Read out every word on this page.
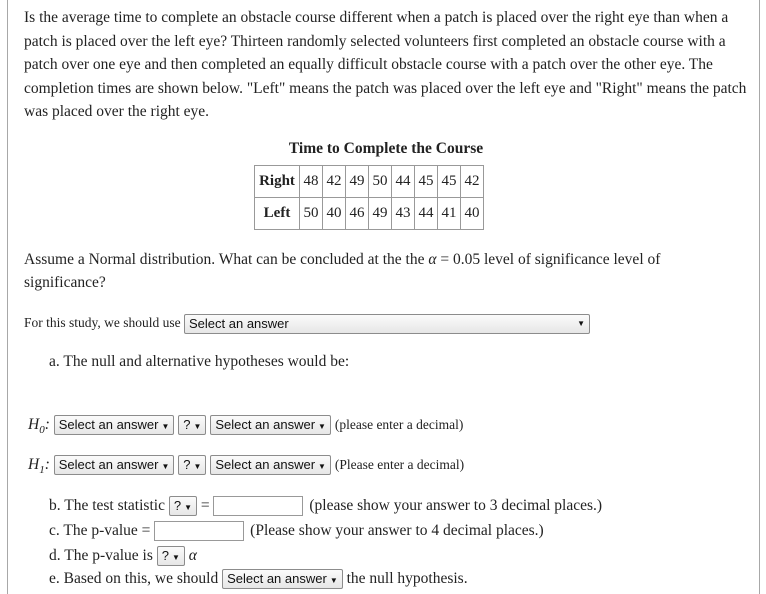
Is the average time to complete an obstacle course different when a patch is placed over the right eye than when a patch is placed over the left eye? Thirteen randomly selected volunteers first completed an obstacle course with a patch over one eye and then completed an equally difficult obstacle course with a patch over the other eye. The completion times are shown below. "Left" means the patch was placed over the left eye and "Right" means the patch was placed over the right eye.
Time to Complete the Course
Right	48	42	49	50	44	45	45	42
Left	50	40	46	49	43	44	41	40
Assume a Normal distribution. What can be concluded at the the α = 0.05 level of significance level of
significance?
For this study, we should use Select an answer	▼
a. The null and alternative hypotheses would be:
$H_0$: Select an answer ▼ ? ▼ Select an answer ▼ (please enter a decimal)
$H_1$: Select an answer ▼ ? ▼ Select an answer ▼ (Please enter a decimal)
b. The test statistic ? ▼ =	(please show your answer to 3 decimal places.)
c. The p-value =	(Please show your answer to 4 decimal places.)
d. The p-value is ? ▼ α
e. Based on this, we should Select an answer ▼ the null hypothesis.
